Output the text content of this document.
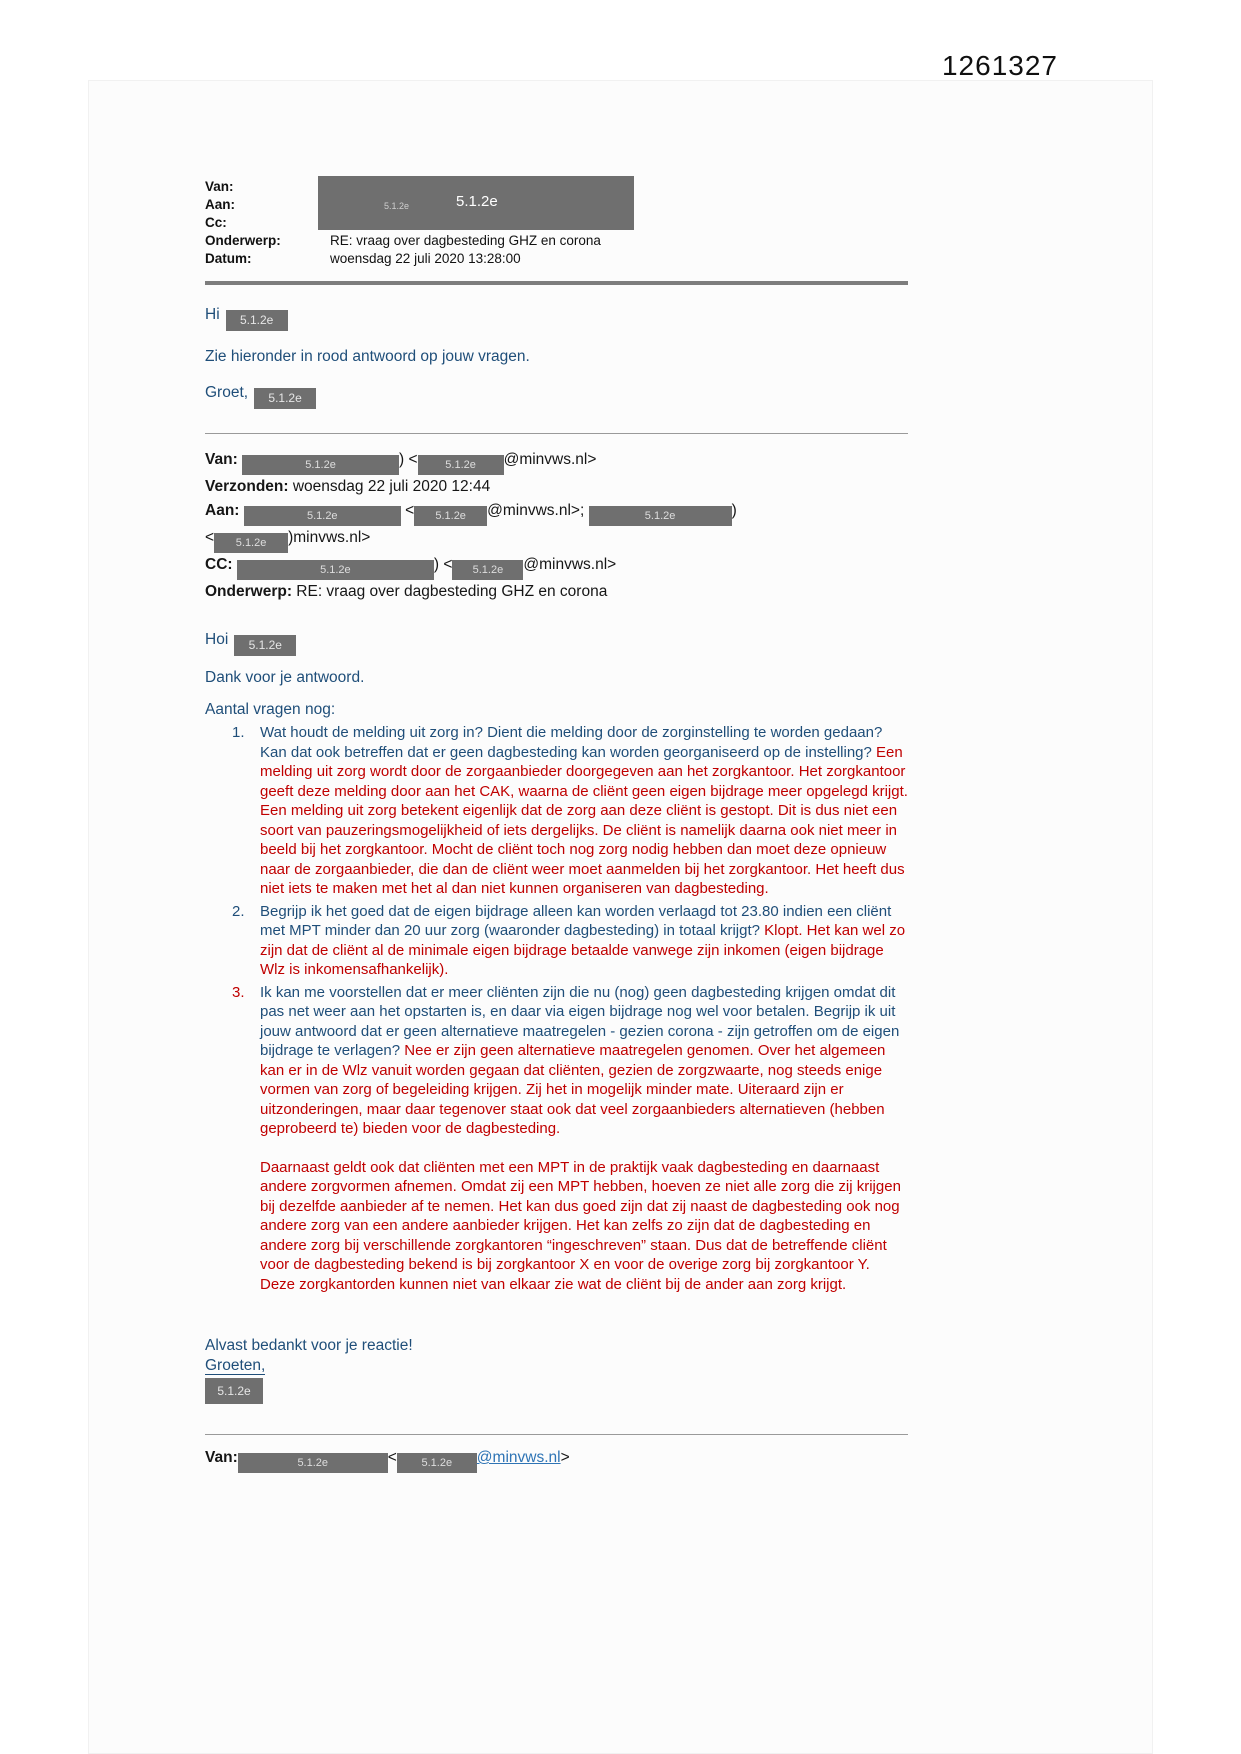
1261327
Van:
Aan:
Cc:
Onderwerp:	RE: vraag over dagbesteding GHZ en corona
Datum:	woensdag 22 juli 2020 13:28:00
5.1.2e	5.1.2e
Hi 5.1.2e
Zie hieronder in rood antwoord op jouw vragen.
Groet, 5.1.2e
Van:	5.1.2e	) <	5.1.2e @minvws.nl>
Verzonden: woensdag 22 juli 2020 12:44
Aan:	5.1.2e	< 5.1.2e @minvws.nl>;	5.1.2e	)
< 5.1.2e )minvws.nl>
CC:	5.1.2e	) < 5.1.2e @minvws.nl>
Onderwerp: RE: vraag over dagbesteding GHZ en corona
Hoi 5.1.2e
Dank voor je antwoord.
Aantal vragen nog:
1.	Wat houdt de melding uit zorg in? Dient die melding door de zorginstelling te worden gedaan? Kan dat ook betreffen dat er geen dagbesteding kan worden georganiseerd op de instelling? Een melding uit zorg wordt door de zorgaanbieder doorgegeven aan het zorgkantoor. Het zorgkantoor geeft deze melding door aan het CAK, waarna de cliënt geen eigen bijdrage meer opgelegd krijgt. Een melding uit zorg betekent eigenlijk dat de zorg aan deze cliënt is gestopt. Dit is dus niet een soort van pauzeringsmogelijkheid of iets dergelijks. De cliënt is namelijk daarna ook niet meer in beeld bij het zorgkantoor. Mocht de cliënt toch nog zorg nodig hebben dan moet deze opnieuw naar de zorgaanbieder, die dan de cliënt weer moet aanmelden bij het zorgkantoor. Het heeft dus niet iets te maken met het al dan niet kunnen organiseren van dagbesteding.
2.	Begrijp ik het goed dat de eigen bijdrage alleen kan worden verlaagd tot 23.80 indien een cliënt met MPT minder dan 20 uur zorg (waaronder dagbesteding) in totaal krijgt? Klopt. Het kan wel zo zijn dat de cliënt al de minimale eigen bijdrage betaalde vanwege zijn inkomen (eigen bijdrage Wlz is inkomensafhankelijk).
3.	Ik kan me voorstellen dat er meer cliënten zijn die nu (nog) geen dagbesteding krijgen omdat dit pas net weer aan het opstarten is, en daar via eigen bijdrage nog wel voor betalen. Begrijp ik uit jouw antwoord dat er geen alternatieve maatregelen - gezien corona - zijn getroffen om de eigen bijdrage te verlagen? Nee er zijn geen alternatieve maatregelen genomen. Over het algemeen kan er in de Wlz vanuit worden gegaan dat cliënten, gezien de zorgzwaarte, nog steeds enige vormen van zorg of begeleiding krijgen. Zij het in mogelijk minder mate. Uiteraard zijn er uitzonderingen, maar daar tegenover staat ook dat veel zorgaanbieders alternatieven (hebben geprobeerd te) bieden voor de dagbesteding.
Daarnaast geldt ook dat cliënten met een MPT in de praktijk vaak dagbesteding en daarnaast andere zorgvormen afnemen. Omdat zij een MPT hebben, hoeven ze niet alle zorg die zij krijgen bij dezelfde aanbieder af te nemen. Het kan dus goed zijn dat zij naast de dagbesteding ook nog andere zorg van een andere aanbieder krijgen. Het kan zelfs zo zijn dat de dagbesteding en andere zorg bij verschillende zorgkantoren “ingeschreven” staan. Dus dat de betreffende cliënt voor de dagbesteding bekend is bij zorgkantoor X en voor de overige zorg bij zorgkantoor Y. Deze zorgkantorden kunnen niet van elkaar zie wat de cliënt bij de ander aan zorg krijgt.
Alvast bedankt voor je reactie!
Groeten,
5.1.2e
Van:	5.1.2e	< 5.1.2e @minvws.nl>
